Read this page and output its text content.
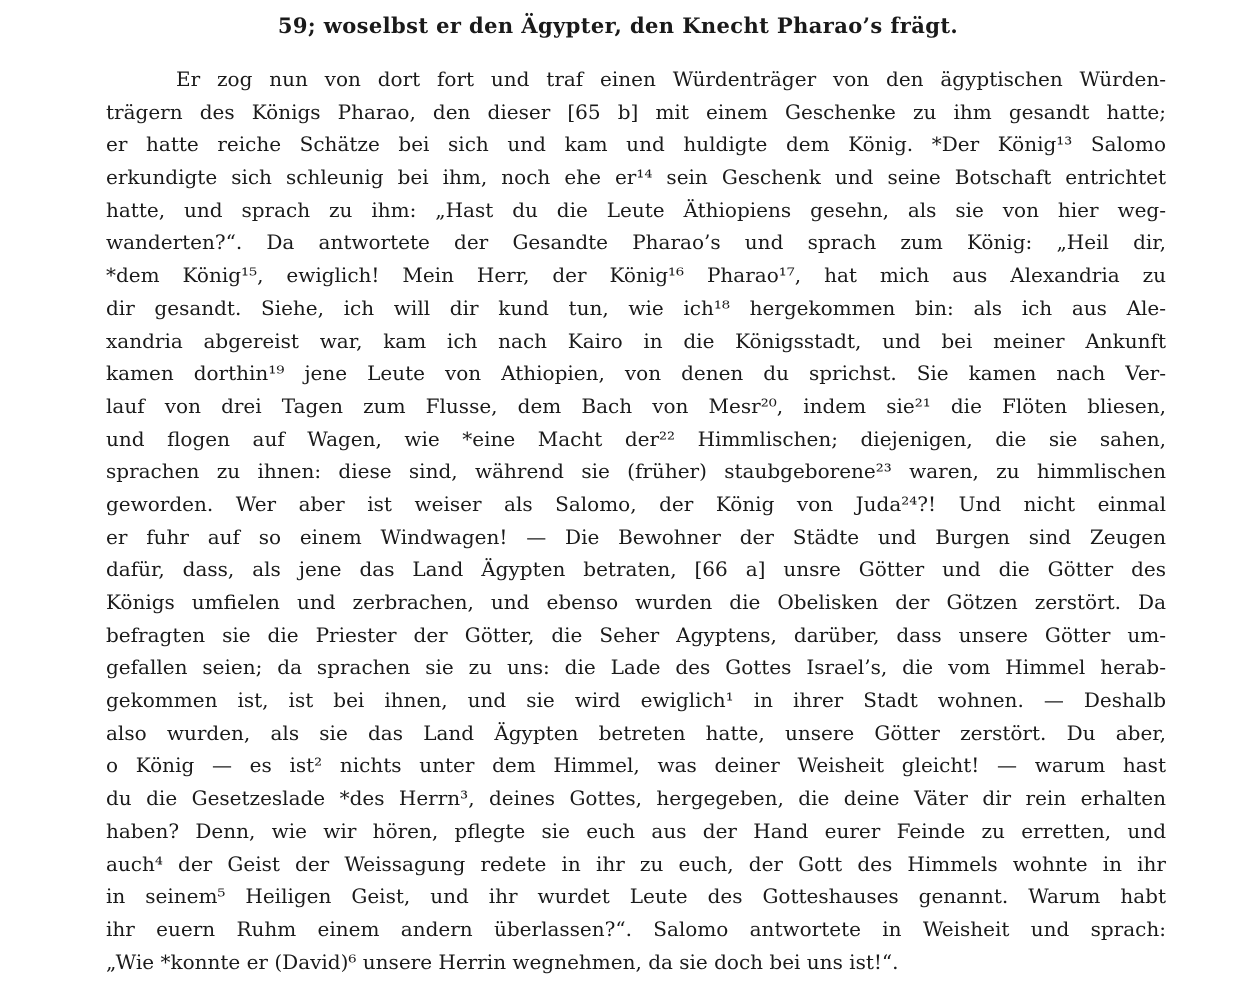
59; woselbst er den Ägypter, den Knecht Pharao’s frägt.
Er zog nun von dort fort und traf einen Würdenträger von den ägyptischen Würden-
trägern des Königs Pharao, den dieser [65 b] mit einem Geschenke zu ihm gesandt hatte;
er hatte reiche Schätze bei sich und kam und huldigte dem König. *Der König¹³ Salomo
erkundigte sich schleunig bei ihm, noch ehe er¹⁴ sein Geschenk und seine Botschaft entrichtet
hatte, und sprach zu ihm: „Hast du die Leute Äthiopiens gesehn, als sie von hier weg-
wanderten?“. Da antwortete der Gesandte Pharao’s und sprach zum König: „Heil dir,
*dem König¹⁵, ewiglich! Mein Herr, der König¹⁶ Pharao¹⁷, hat mich aus Alexandria zu
dir gesandt. Siehe, ich will dir kund tun, wie ich¹⁸ hergekommen bin: als ich aus Ale-
xandria abgereist war, kam ich nach Kairo in die Königsstadt, und bei meiner Ankunft
kamen dorthin¹⁹ jene Leute von Athiopien, von denen du sprichst. Sie kamen nach Ver-
lauf von drei Tagen zum Flusse, dem Bach von Mesr²⁰, indem sie²¹ die Flöten bliesen,
und flogen auf Wagen, wie *eine Macht der²² Himmlischen; diejenigen, die sie sahen,
sprachen zu ihnen: diese sind, während sie (früher) staubgeborene²³ waren, zu himmlischen
geworden. Wer aber ist weiser als Salomo, der König von Juda²⁴?! Und nicht einmal
er fuhr auf so einem Windwagen! — Die Bewohner der Städte und Burgen sind Zeugen
dafür, dass, als jene das Land Ägypten betraten, [66 a] unsre Götter und die Götter des
Königs umfielen und zerbrachen, und ebenso wurden die Obelisken der Götzen zerstört. Da
befragten sie die Priester der Götter, die Seher Agyptens, darüber, dass unsere Götter um-
gefallen seien; da sprachen sie zu uns: die Lade des Gottes Israel’s, die vom Himmel herab-
gekommen ist, ist bei ihnen, und sie wird ewiglich¹ in ihrer Stadt wohnen. — Deshalb
also wurden, als sie das Land Ägypten betreten hatte, unsere Götter zerstört. Du aber,
o König — es ist² nichts unter dem Himmel, was deiner Weisheit gleicht! — warum hast
du die Gesetzeslade *des Herrn³, deines Gottes, hergegeben, die deine Väter dir rein erhalten
haben? Denn, wie wir hören, pflegte sie euch aus der Hand eurer Feinde zu erretten, und
auch⁴ der Geist der Weissagung redete in ihr zu euch, der Gott des Himmels wohnte in ihr
in seinem⁵ Heiligen Geist, und ihr wurdet Leute des Gotteshauses genannt. Warum habt
ihr euern Ruhm einem andern überlassen?“. Salomo antwortete in Weisheit und sprach:
„Wie *konnte er (David)⁶ unsere Herrin wegnehmen, da sie doch bei uns ist!“.
